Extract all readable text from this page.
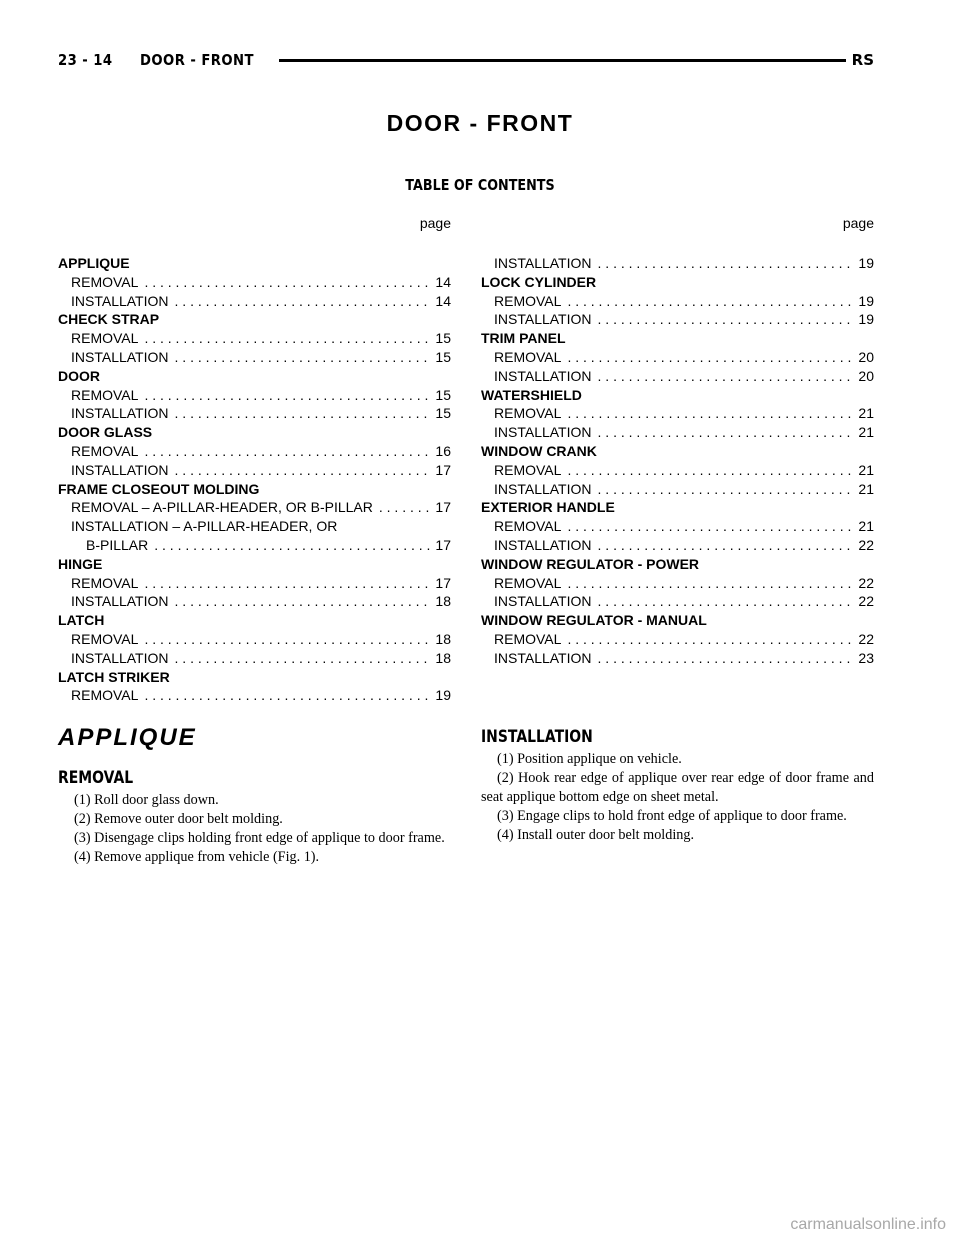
23 - 14 DOOR - FRONT	RS
DOOR - FRONT
TABLE OF CONTENTS
page	page
APPLIQUE
REMOVAL . . .	14
INSTALLATION . . .	14
CHECK STRAP
REMOVAL . . .	15
INSTALLATION . . .	15
DOOR
REMOVAL . . .	15
INSTALLATION . . .	15
DOOR GLASS
REMOVAL . . .	16
INSTALLATION . . .	17
FRAME CLOSEOUT MOLDING
REMOVAL – A-PILLAR-HEADER, OR B-PILLAR . . .	17
INSTALLATION – A-PILLAR-HEADER, OR
B-PILLAR . . .	17
HINGE
REMOVAL . . .	17
INSTALLATION . . .	18
LATCH
REMOVAL . . .	18
INSTALLATION . . .	18
LATCH STRIKER
REMOVAL . . .	19
INSTALLATION . . .	19
LOCK CYLINDER
REMOVAL . . .	19
INSTALLATION . . .	19
TRIM PANEL
REMOVAL . . .	20
INSTALLATION . . .	20
WATERSHIELD
REMOVAL . . .	21
INSTALLATION . . .	21
WINDOW CRANK
REMOVAL . . .	21
INSTALLATION . . .	21
EXTERIOR HANDLE
REMOVAL . . .	21
INSTALLATION . . .	22
WINDOW REGULATOR - POWER
REMOVAL . . .	22
INSTALLATION . . .	22
WINDOW REGULATOR - MANUAL
REMOVAL . . .	22
INSTALLATION . . .	23
APPLIQUE
REMOVAL
INSTALLATION

(1) Roll door glass down.

(2) Remove outer door belt molding.

(3) Disengage clips holding front edge of applique to door frame.

(4) Remove applique from vehicle (Fig. 1).

(1) Position applique on vehicle.

(2) Hook rear edge of applique over rear edge of door frame and seat applique bottom edge on sheet metal.

(3) Engage clips to hold front edge of applique to door frame.

(4) Install outer door belt molding.

carmanualsonline.info
